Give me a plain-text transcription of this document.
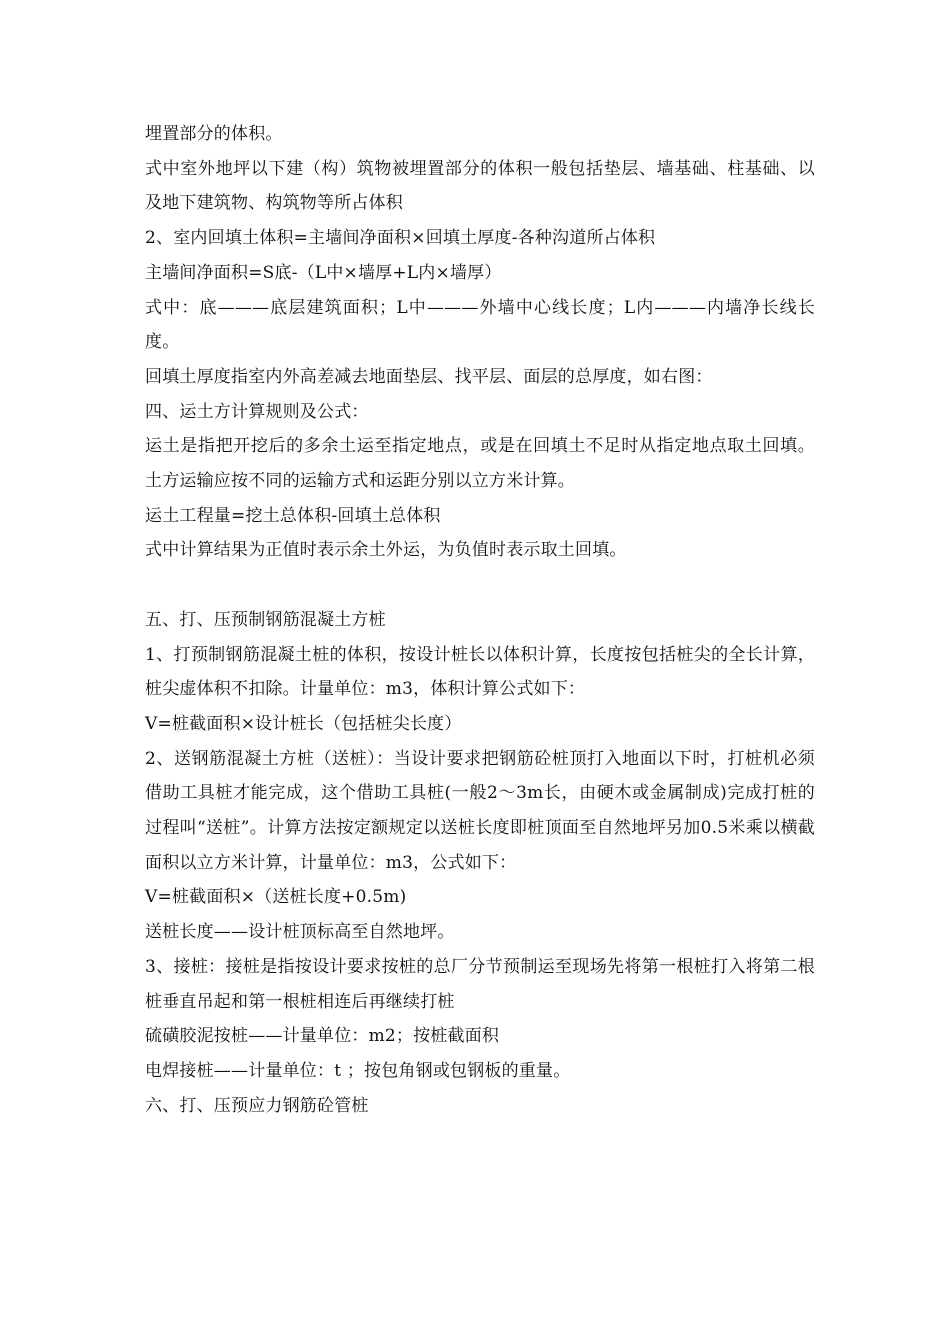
埋置部分的体积。

式中室外地坪以下建（构）筑物被埋置部分的体积一般包括垫层、墙基础、柱基础、以及地下建筑物、构筑物等所占体积

2、室内回填土体积=主墙间净面积×回填土厚度-各种沟道所占体积

主墙间净面积=S底-（L中×墙厚+L内×墙厚）

式中：底———底层建筑面积；L中———外墙中心线长度；L内———内墙净长线长度。

回填土厚度指室内外高差减去地面垫层、找平层、面层的总厚度，如右图：

四、运土方计算规则及公式：

运土是指把开挖后的多余土运至指定地点，或是在回填土不足时从指定地点取土回填。土方运输应按不同的运输方式和运距分别以立方米计算。

运土工程量=挖土总体积-回填土总体积

式中计算结果为正值时表示余土外运，为负值时表示取土回填。

五、打、压预制钢筋混凝土方桩

1、打预制钢筋混凝土桩的体积，按设计桩长以体积计算，长度按包括桩尖的全长计算，桩尖虚体积不扣除。计量单位：m3，体积计算公式如下：

V=桩截面积×设计桩长（包括桩尖长度）

2、送钢筋混凝土方桩（送桩）：当设计要求把钢筋砼桩顶打入地面以下时，打桩机必须借助工具桩才能完成，这个借助工具桩(一般2～3m长，由硬木或金属制成)完成打桩的过程叫“送桩”。计算方法按定额规定以送桩长度即桩顶面至自然地坪另加0.5米乘以横截面积以立方米计算，计量单位：m3，公式如下：

V=桩截面积×（送桩长度+0.5m)

送桩长度——设计桩顶标高至自然地坪。

3、接桩：接桩是指按设计要求按桩的总厂分节预制运至现场先将第一根桩打入将第二根桩垂直吊起和第一根桩相连后再继续打桩

硫磺胶泥按桩——计量单位：m2；按桩截面积

电焊接桩——计量单位：t ；按包角钢或包钢板的重量。

六、打、压预应力钢筋砼管桩
